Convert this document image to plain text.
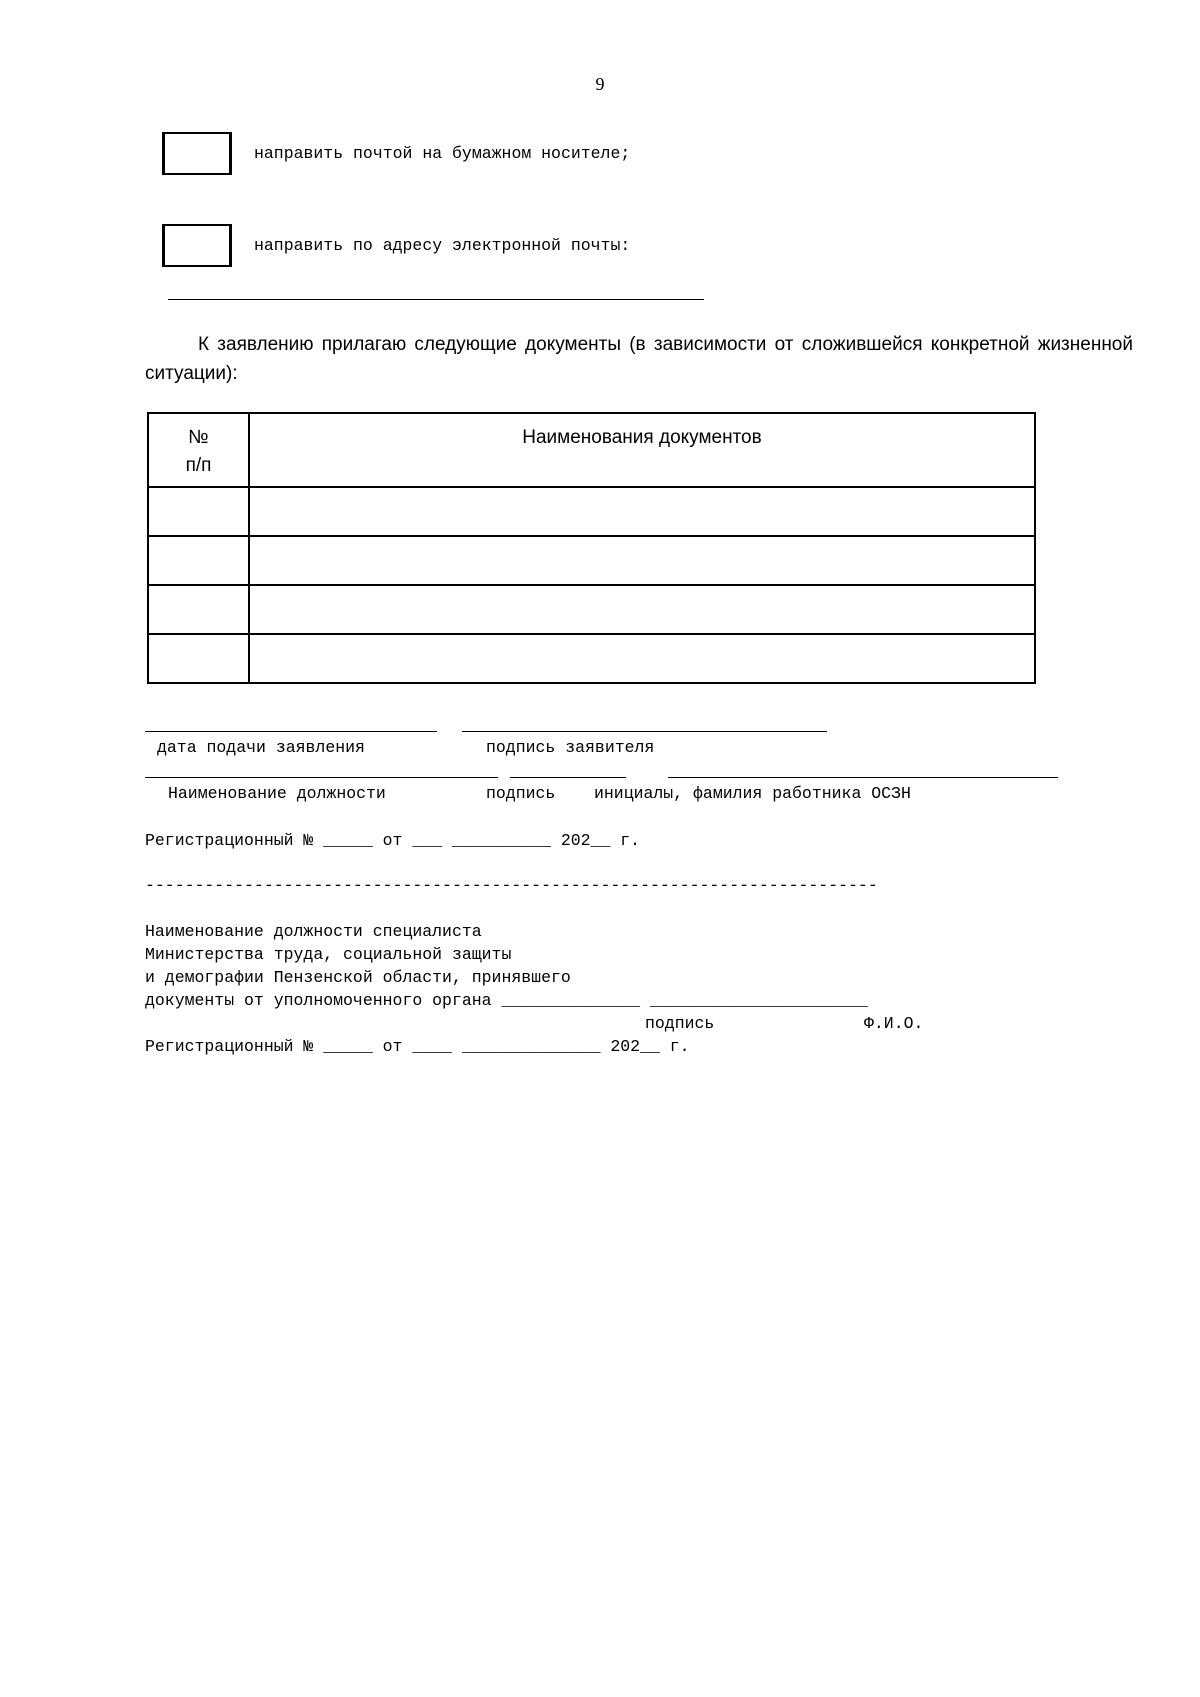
9
направить почтой на бумажном носителе;
направить по адресу электронной почты:
К заявлению прилагаю следующие документы (в зависимости от сложившейся конкретной жизненной ситуации):
№
п/п	Наименования документов

дата подачи заявления	подпись заявителя
Наименование должности	подпись инициалы, фамилия работника ОСЗН
Регистрационный № _____ от ___ __________ 202__ г.
--------------------------------------------------------------------------
Наименование должности специалиста
Министерства труда, социальной защиты
и демографии Пензенской области, принявшего
документы от уполномоченного органа ______________ ______________________
подпись	Ф.И.О.
Регистрационный № _____ от ____ ______________ 202__ г.
